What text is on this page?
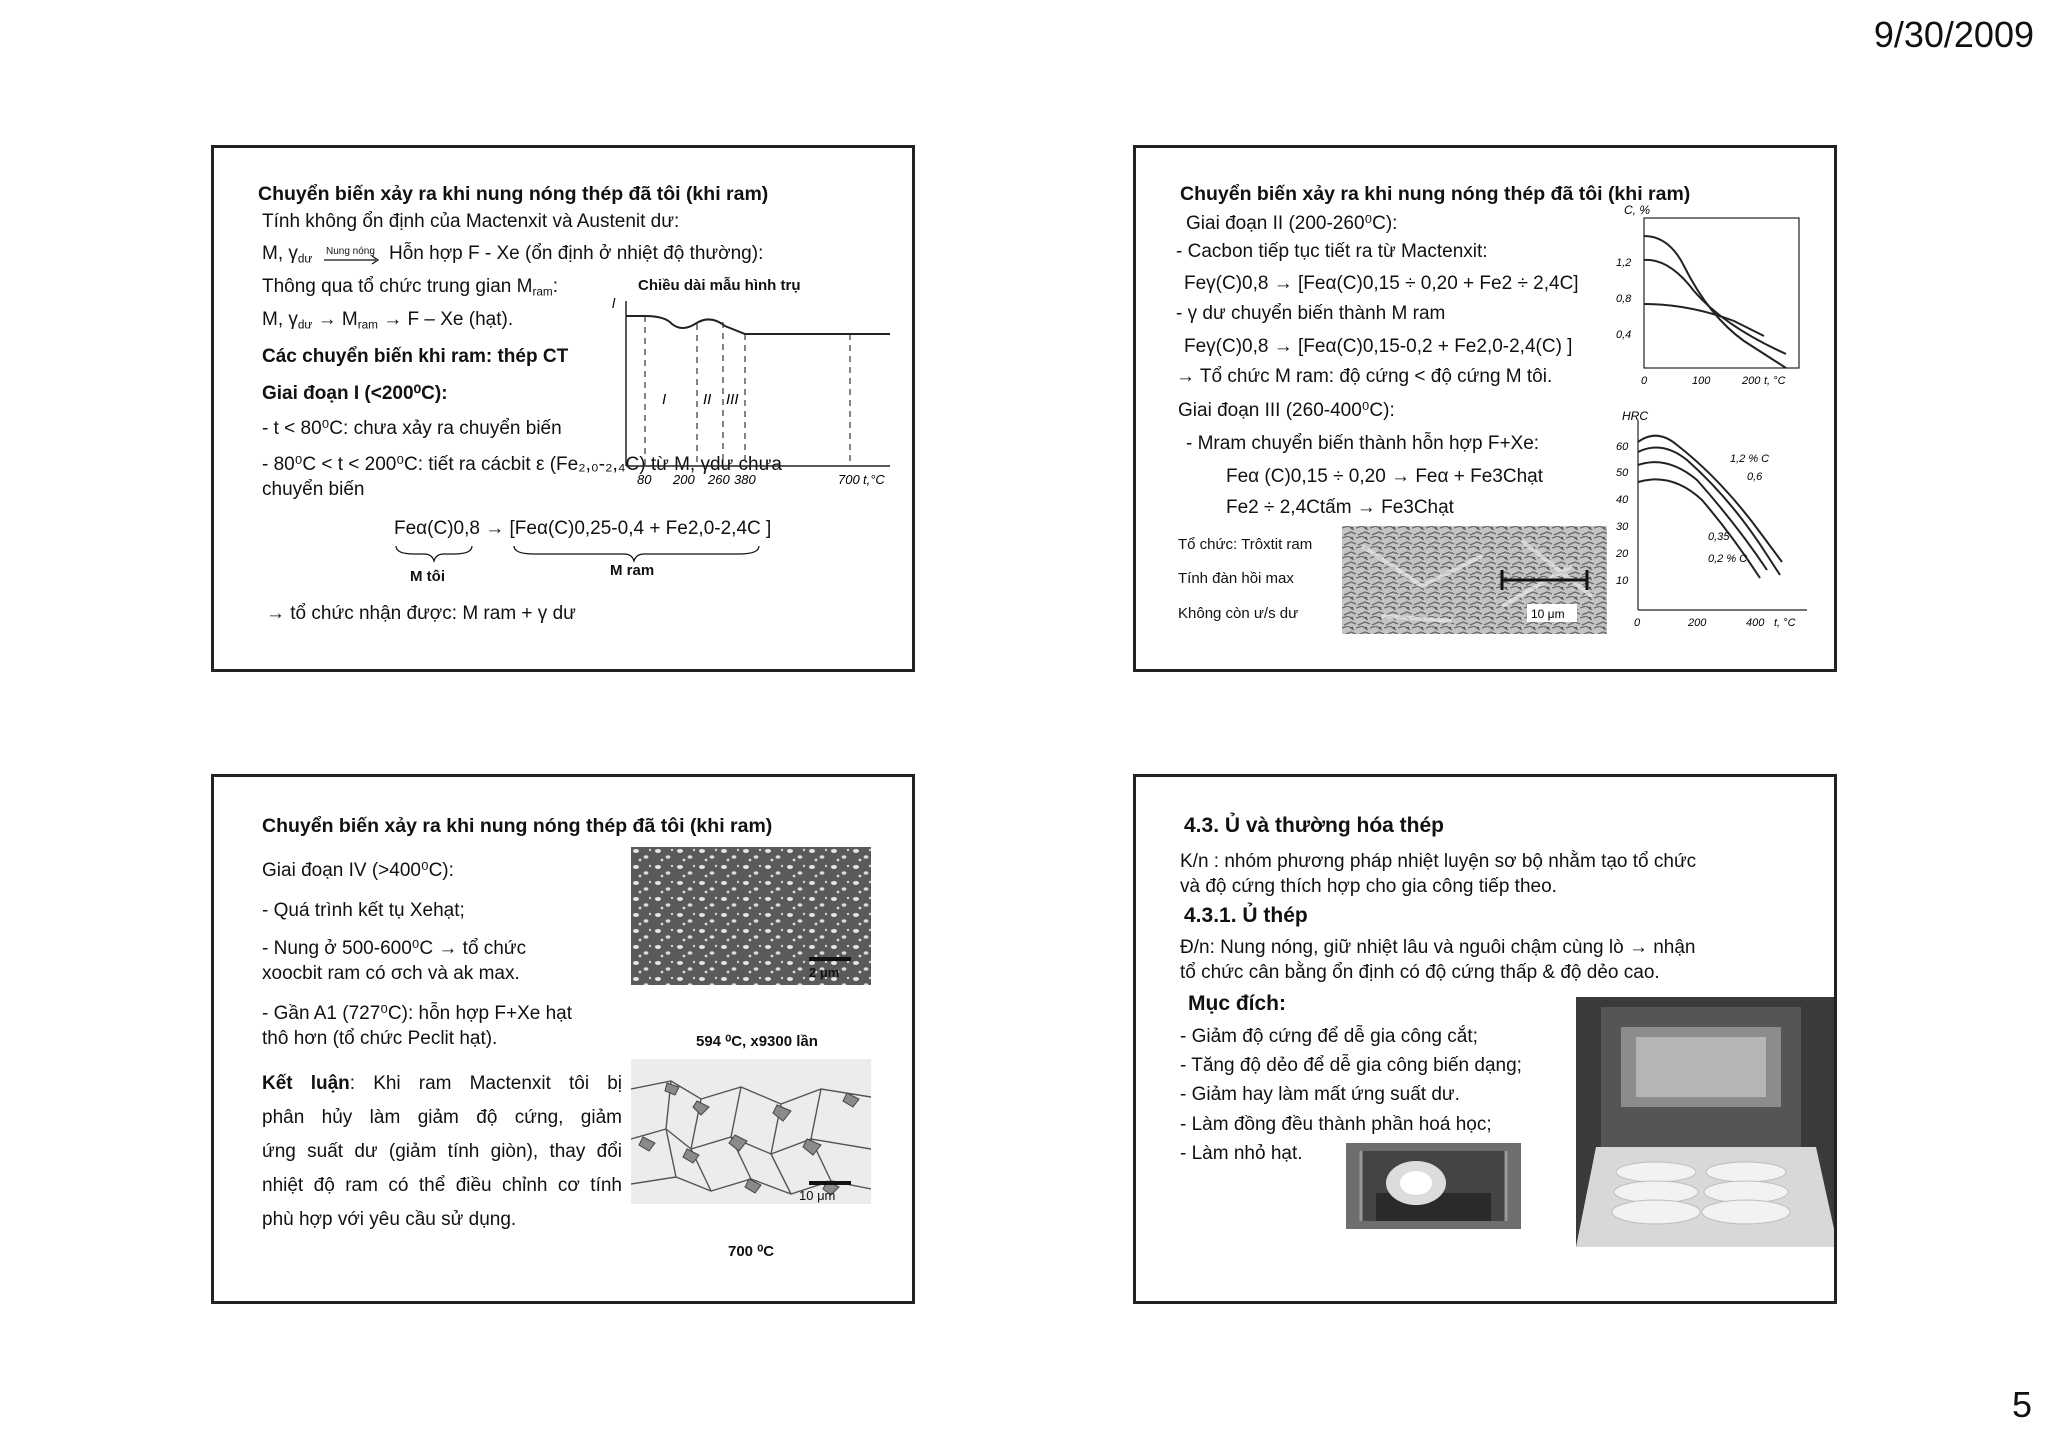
9/30/2009
5
Chuyển biến xảy ra khi nung nóng thép đã tôi (khi ram)
Tính không ổn định của Mactenxit và Austenit dư:
M, $\gamma_{dư}$
Nung nóng Hỗn hợp F - Xe (ổn định ở nhiệt độ thường):
Thông qua tổ chức trung gian $M_{ram}$:
M, $\gamma_{dư} \to M_{ram} \to F - Xe$ (hạt).
Các chuyển biến khi ram: thép CT
Giai đoạn I (<200⁰C):
- t < 80⁰C: chưa xảy ra chuyển biến
- 80⁰C < t < 200⁰C: tiết ra cácbit ε (Fe₂,₀-₂,₄C) từ M, γdư chưa
chuyển biến
Feα(C)0,8 → [Feα(C)0,25-0,4 + Fe2,0-2,4C ]
M tôi	M ram
→ tổ chức nhận được: M ram + γ dư
Chiều dài mẫu hình trụ
l
I II III
80 200 260 380	700 t,°C
Chuyển biến xảy ra khi nung nóng thép đã tôi (khi ram)
Giai đoạn II (200-260⁰C):
- Cacbon tiếp tục tiết ra từ Mactenxit:
Feγ(C)0,8 → [Feα(C)0,15 ÷ 0,20 + Fe2 ÷ 2,4C]
- γ dư chuyển biến thành M ram
Feγ(C)0,8 → [Feα(C)0,15-0,2 + Fe2,0-2,4(C) ]
→ Tổ chức M ram: độ cứng < độ cứng M tôi.
Giai đoạn III (260-400⁰C):
- Mram chuyển biến thành hỗn hợp F+Xe:
Feα (C)0,15 ÷ 0,20 → Feα + Fe3Chạt
Fe2 ÷ 2,4Ctấm → Fe3Chạt
Tổ chức: Trôxtit ram
Tính đàn hồi max
Không còn ư/s dư	10 μm
C, %
1,2
0,8
0,4
0	100	200 t, °C
HRC
60
50
40
30
20
10
0	200	400 t, °C
1,2 % C
0,6
0,35
0,2 % C
Chuyển biến xảy ra khi nung nóng thép đã tôi (khi ram)
Giai đoạn IV (>400⁰C):
- Quá trình kết tụ Xehạt;
- Nung ở 500-600⁰C → tổ chức
xoocbit ram có σch và ak max.
- Gần A1 (727⁰C): hỗn hợp F+Xe hạt
thô hơn (tổ chức Peclit hạt).
Kết luận: Khi ram Mactenxit tôi bị
phân hủy làm giảm độ cứng, giảm
ứng suất dư (giảm tính giòn), thay đổi
nhiệt độ ram có thể điều chỉnh cơ tính
phù hợp với yêu cầu sử dụng.
2 μm
594 ⁰C, x9300 lần
10 μm
700 ⁰C
4.3. Ủ và thường hóa thép
K/n : nhóm phương pháp nhiệt luyện sơ bộ nhằm tạo tổ chức
và độ cứng thích hợp cho gia công tiếp theo.
4.3.1. Ủ thép
Đ/n: Nung nóng, giữ nhiệt lâu và nguôi chậm cùng lò → nhận
tổ chức cân bằng ổn định có độ cứng thấp & độ dẻo cao.
Mục đích:
- Giảm độ cứng để dễ gia công cắt;
- Tăng độ dẻo để dễ gia công biến dạng;
- Giảm hay làm mất ứng suất dư.
- Làm đồng đều thành phần hoá học;
- Làm nhỏ hạt.
